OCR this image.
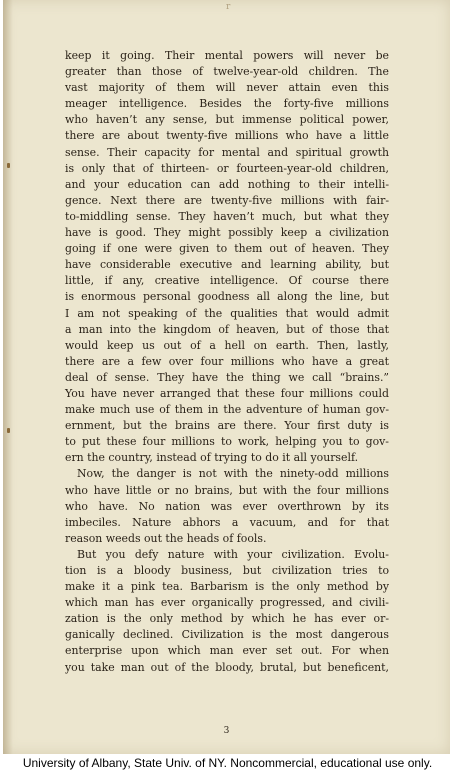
r
keep it going. Their mental powers will never be
greater than those of twelve-year-old children. The
vast majority of them will never attain even this
meager intelligence. Besides the forty-five millions
who haven’t any sense, but immense political power,
there are about twenty-five millions who have a little
sense. Their capacity for mental and spiritual growth
is only that of thirteen- or fourteen-year-old children,
and your education can add nothing to their intelli-
gence. Next there are twenty-five millions with fair-
to-middling sense. They haven’t much, but what they
have is good. They might possibly keep a civilization
going if one were given to them out of heaven. They
have considerable executive and learning ability, but
little, if any, creative intelligence. Of course there
is enormous personal goodness all along the line, but
I am not speaking of the qualities that would admit
a man into the kingdom of heaven, but of those that
would keep us out of a hell on earth. Then, lastly,
there are a few over four millions who have a great
deal of sense. They have the thing we call “brains.”
You have never arranged that these four millions could
make much use of them in the adventure of human gov-
ernment, but the brains are there. Your first duty is
to put these four millions to work, helping you to gov-
ern the country, instead of trying to do it all yourself.
Now, the danger is not with the ninety-odd millions
who have little or no brains, but with the four millions
who have. No nation was ever overthrown by its
imbeciles. Nature abhors a vacuum, and for that
reason weeds out the heads of fools.
But you defy nature with your civilization. Evolu-
tion is a bloody business, but civilization tries to
make it a pink tea. Barbarism is the only method by
which man has ever organically progressed, and civili-
zation is the only method by which he has ever or-
ganically declined. Civilization is the most dangerous
enterprise upon which man ever set out. For when
you take man out of the bloody, brutal, but beneficent,
3
University of Albany, State Univ. of NY. Noncommercial, educational use only.
